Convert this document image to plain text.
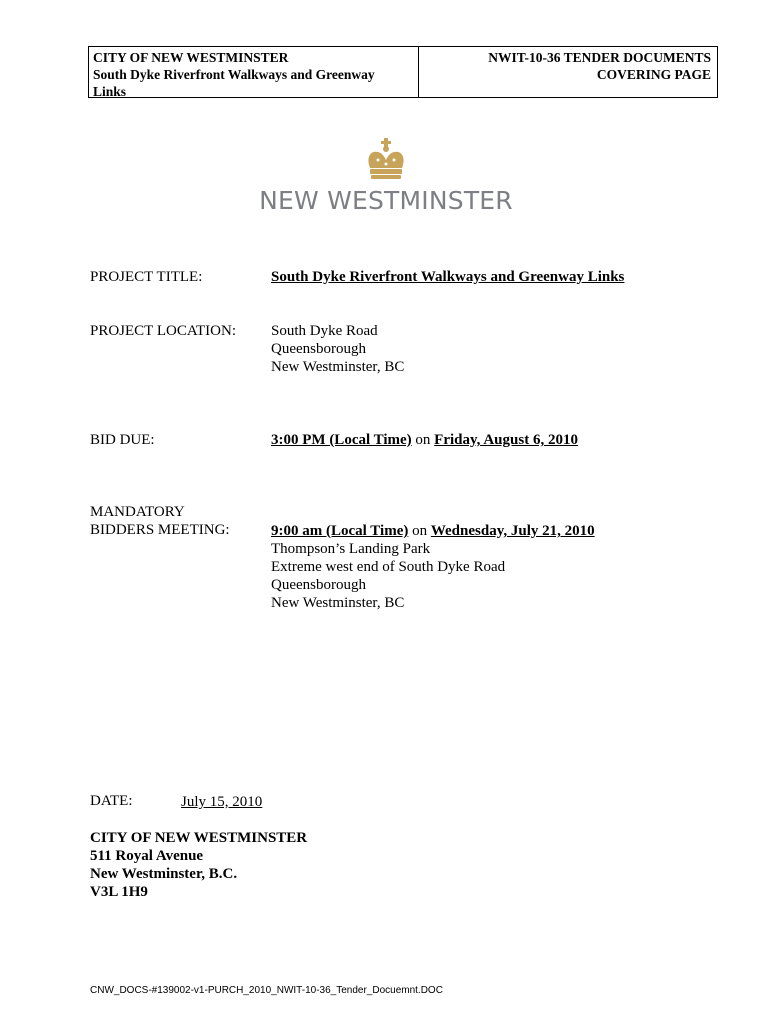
CITY OF NEW WESTMINSTER
South Dyke Riverfront Walkways and Greenway
Links
NWIT-10-36 TENDER DOCUMENTS
COVERING PAGE
NEW WESTMINSTER
PROJECT TITLE:	South Dyke Riverfront Walkways and Greenway Links
PROJECT LOCATION: South Dyke Road
Queensborough
New Westminster, BC
BID DUE:	3:00 PM (Local Time) on Friday, August 6, 2010
MANDATORY
BIDDERS MEETING:	9:00 am (Local Time) on Wednesday, July 21, 2010
Thompson’s Landing Park
Extreme west end of South Dyke Road
Queensborough
New Westminster, BC
DATE:	July 15, 2010
CITY OF NEW WESTMINSTER
511 Royal Avenue
New Westminster, B.C.
V3L 1H9
CNW_DOCS-#139002-v1-PURCH_2010_NWIT-10-36_Tender_Docuemnt.DOC
